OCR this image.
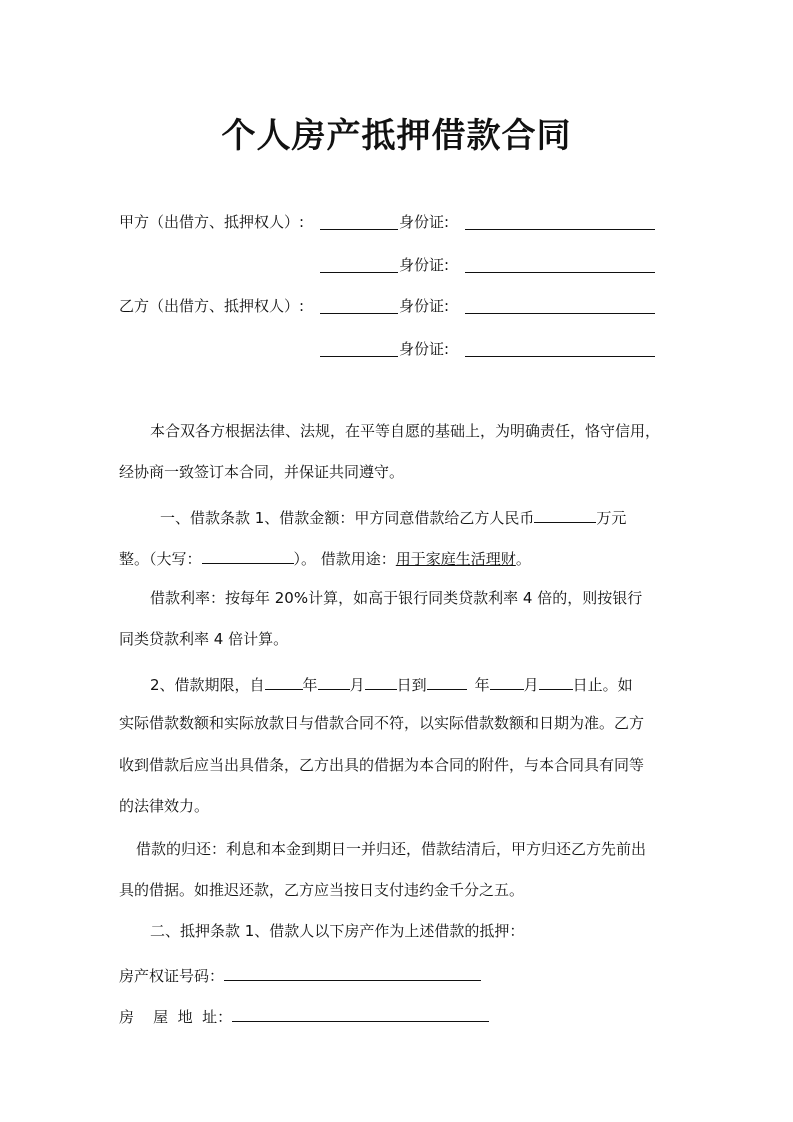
个人房产抵押借款合同
甲方（出借方、抵押权人）:	身份证:
身份证:
乙方（出借方、抵押权人）:	身份证:
身份证:
本合双各方根据法律、法规，在平等自愿的基础上，为明确责任，恪守信用，
经协商一致签订本合同，并保证共同遵守。
一、借款条款 1、借款金额：甲方同意借款给乙方人民币	万元
整。（大写：	）。 借款用途：用于家庭生活理财。
借款利率：按每年 20%计算，如高于银行同类贷款利率 4 倍的，则按银行
同类贷款利率 4 倍计算。
2、借款期限，自	年 月 日到	年 月 日止。如
实际借款数额和实际放款日与借款合同不符，以实际借款数额和日期为准。乙方
收到借款后应当出具借条，乙方出具的借据为本合同的附件，与本合同具有同等
的法律效力。
借款的归还：利息和本金到期日一并归还，借款结清后，甲方归还乙方先前出
具的借据。如推迟还款，乙方应当按日支付违约金千分之五。
二、抵押条款 1、借款人以下房产作为上述借款的抵押：
房产权证号码：
房    屋  地  址：
